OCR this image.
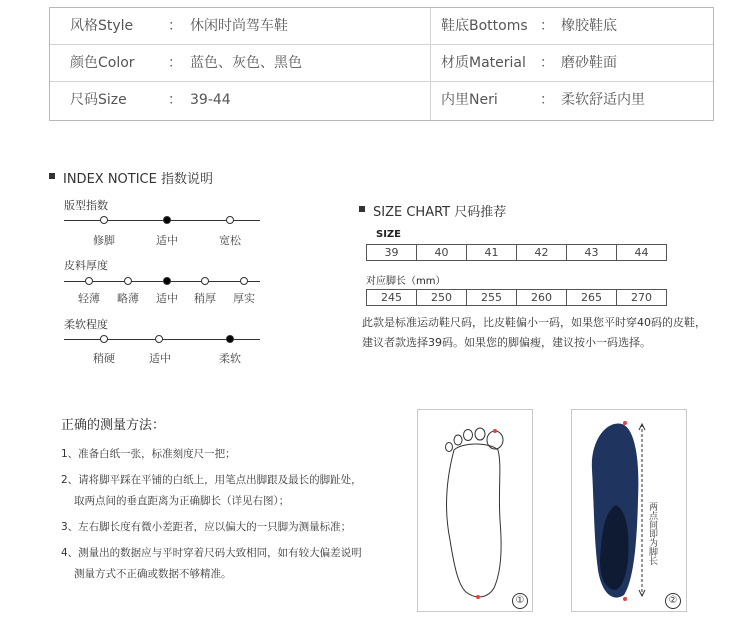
风格Style ： 休闲时尚驾车鞋	鞋底Bottoms ： 橡胶鞋底
颜色Color ： 蓝色、灰色、黑色	材质Material ： 磨砂鞋面
尺码Size	： 39-44	内里Neri	： 柔软舒适内里
INDEX NOTICE 指数说明
版型指数
修脚	适中	宽松
皮料厚度
轻薄 略薄 适中 稍厚 厚实
柔软程度
稍硬	适中	柔软
SIZE CHART 尺码推荐
SIZE
39	40	41	42	43	44
对应脚长（mm）
245	250	255	260	265	270
此款是标准运动鞋尺码，比皮鞋偏小一码，如果您平时穿40码的皮鞋，
建议者款选择39码。如果您的脚偏瘦，建议按小一码选择。
正确的测量方法：
1、准备白纸一张，标准刻度尺一把；
2、请将脚平踩在平铺的白纸上，用笔点出脚跟及最长的脚趾处，
取两点间的垂直距离为正确脚长（详见右图）；
3、左右脚长度有微小差距者，应以偏大的一只脚为测量标准；
4、测量出的数据应与平时穿着尺码大致相同，如有较大偏差说明
测量方式不正确或数据不够精准。
①
两点间即为脚长
②
